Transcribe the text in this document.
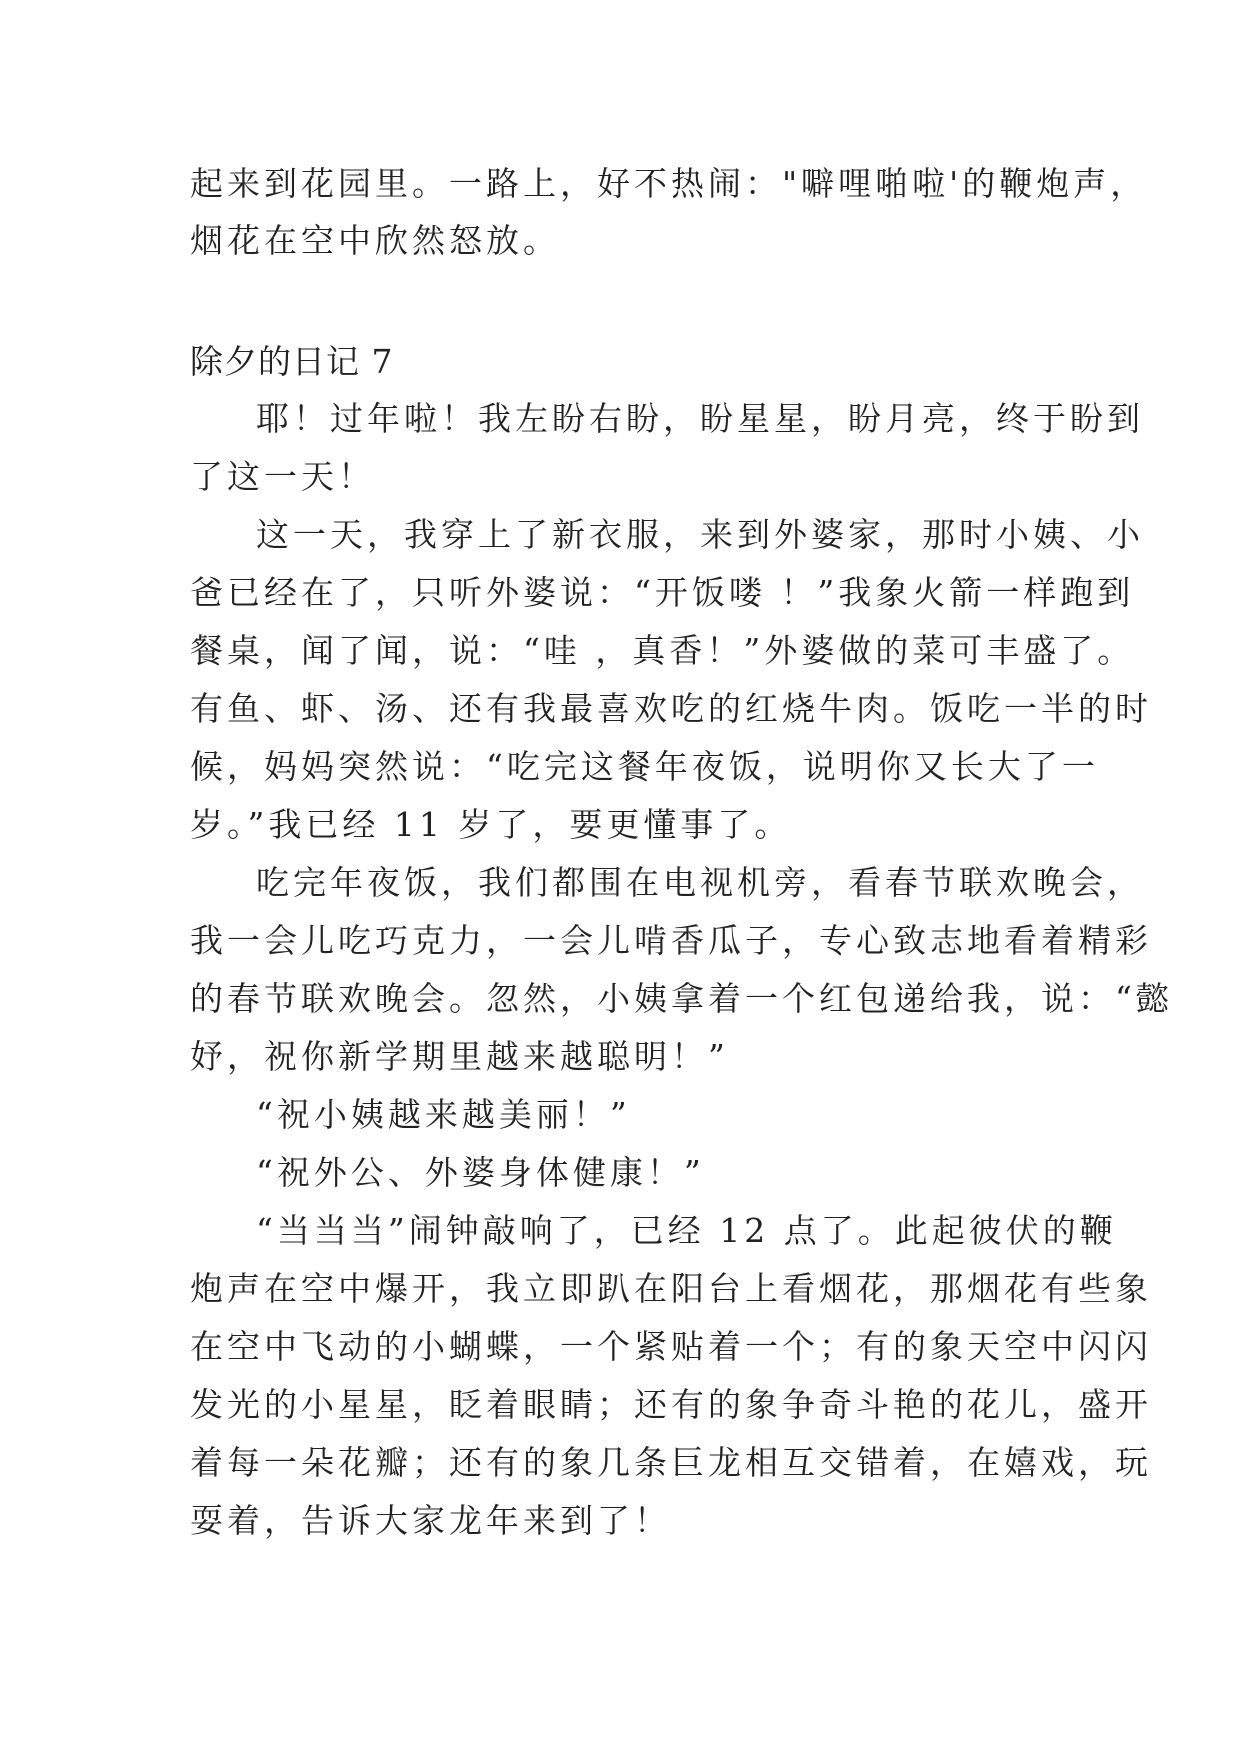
起来到花园里。一路上，好不热闹："噼哩啪啦'的鞭炮声，
烟花在空中欣然怒放。
除夕的日记 7
耶！过年啦！我左盼右盼，盼星星，盼月亮，终于盼到
了这一天！
这一天，我穿上了新衣服，来到外婆家，那时小姨、小
爸已经在了，只听外婆说：“开饭喽 ！”我象火箭一样跑到
餐桌，闻了闻，说：“哇 ，真香！”外婆做的菜可丰盛了。
有鱼、虾、汤、还有我最喜欢吃的红烧牛肉。饭吃一半的时
候，妈妈突然说：“吃完这餐年夜饭，说明你又长大了一
岁。”我已经 11 岁了，要更懂事了。
吃完年夜饭，我们都围在电视机旁，看春节联欢晚会，
我一会儿吃巧克力，一会儿啃香瓜子，专心致志地看着精彩
的春节联欢晚会。忽然，小姨拿着一个红包递给我，说：“懿
妤，祝你新学期里越来越聪明！”
“祝小姨越来越美丽！”
“祝外公、外婆身体健康！”
“当当当”闹钟敲响了，已经 12 点了。此起彼伏的鞭
炮声在空中爆开，我立即趴在阳台上看烟花，那烟花有些象
在空中飞动的小蝴蝶，一个紧贴着一个；有的象天空中闪闪
发光的小星星，眨着眼睛；还有的象争奇斗艳的花儿，盛开
着每一朵花瓣；还有的象几条巨龙相互交错着，在嬉戏，玩
耍着，告诉大家龙年来到了！
